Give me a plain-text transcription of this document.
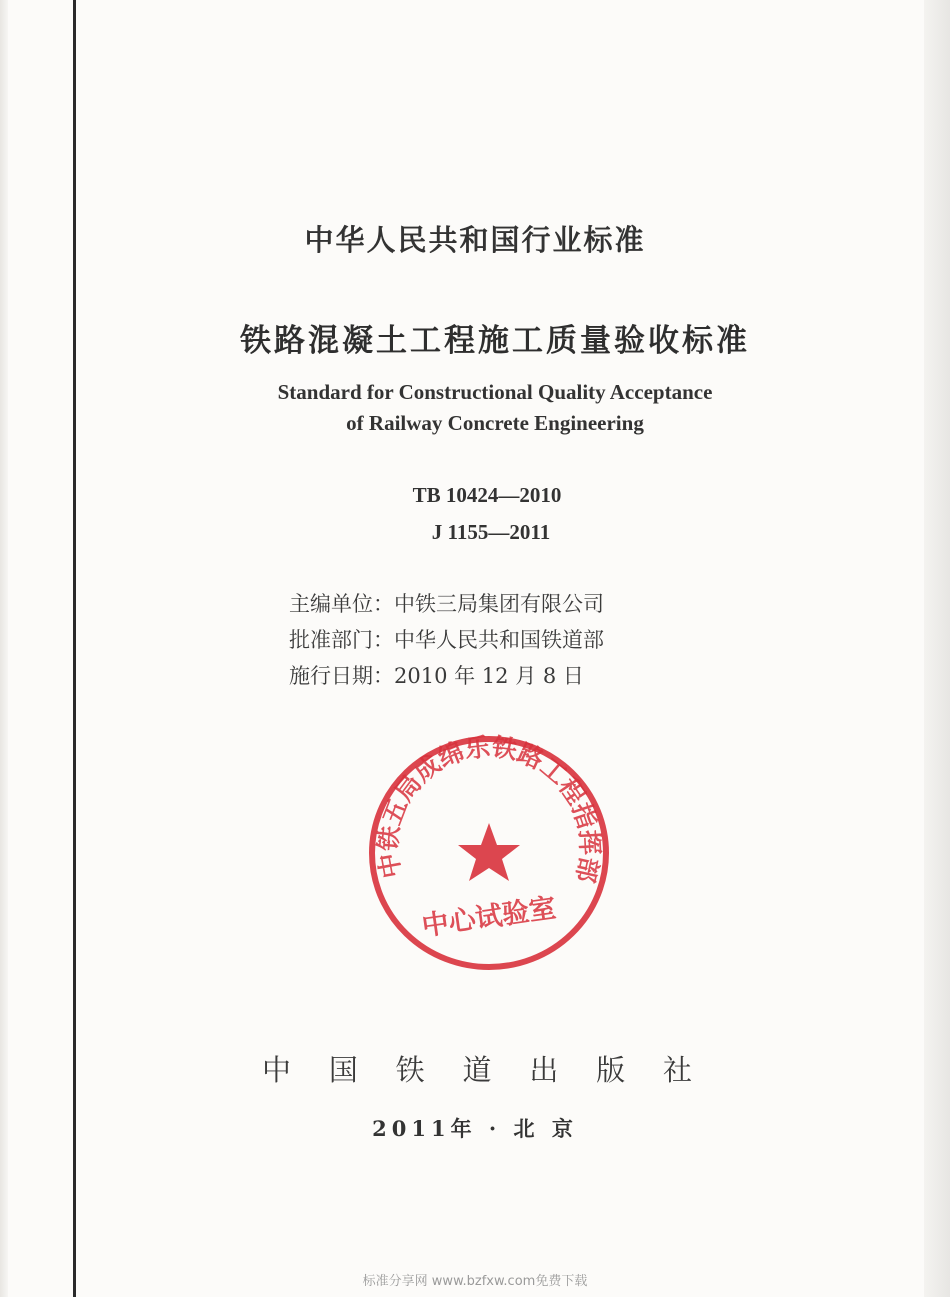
中华人民共和国行业标准
铁路混凝土工程施工质量验收标准
Standard for Constructional Quality Acceptance
of Railway Concrete Engineering
TB 10424—2010
J 1155—2011
主编单位：中铁三局集团有限公司
批准部门：中华人民共和国铁道部
施行日期：2010 年 12 月 8 日
中铁五局成绵乐铁路工程指挥部
中心试验室
中 国 铁 道 出 版 社
2011年 · 北 京
标准分享网 www.bzfxw.com免费下载
